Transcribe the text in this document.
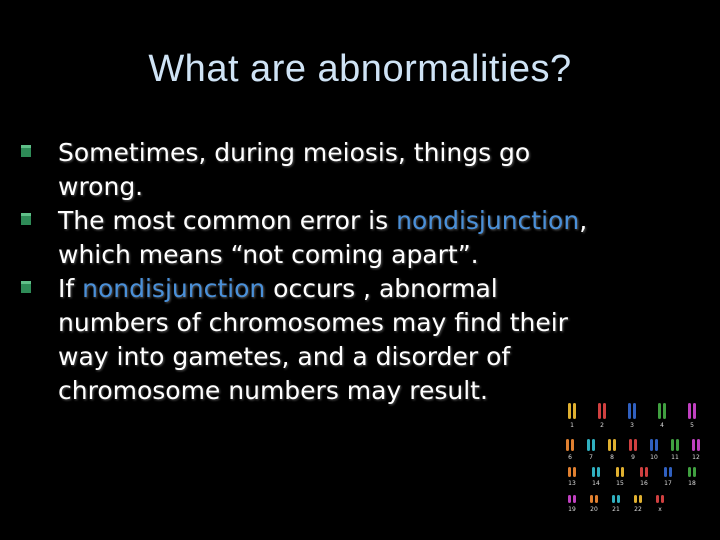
What are abnormalities?
Sometimes, during meiosis, things go
wrong.
The most common error is nondisjunction,
which means “not coming apart”.
If nondisjunction occurs , abnormal
numbers of chromosomes may find their
way into gametes, and a disorder of
chromosome numbers may result.
1	2	3	4	5
6	7	8	9	10 11 12
13	14	15	16	17	18
19 20 21 22	x
